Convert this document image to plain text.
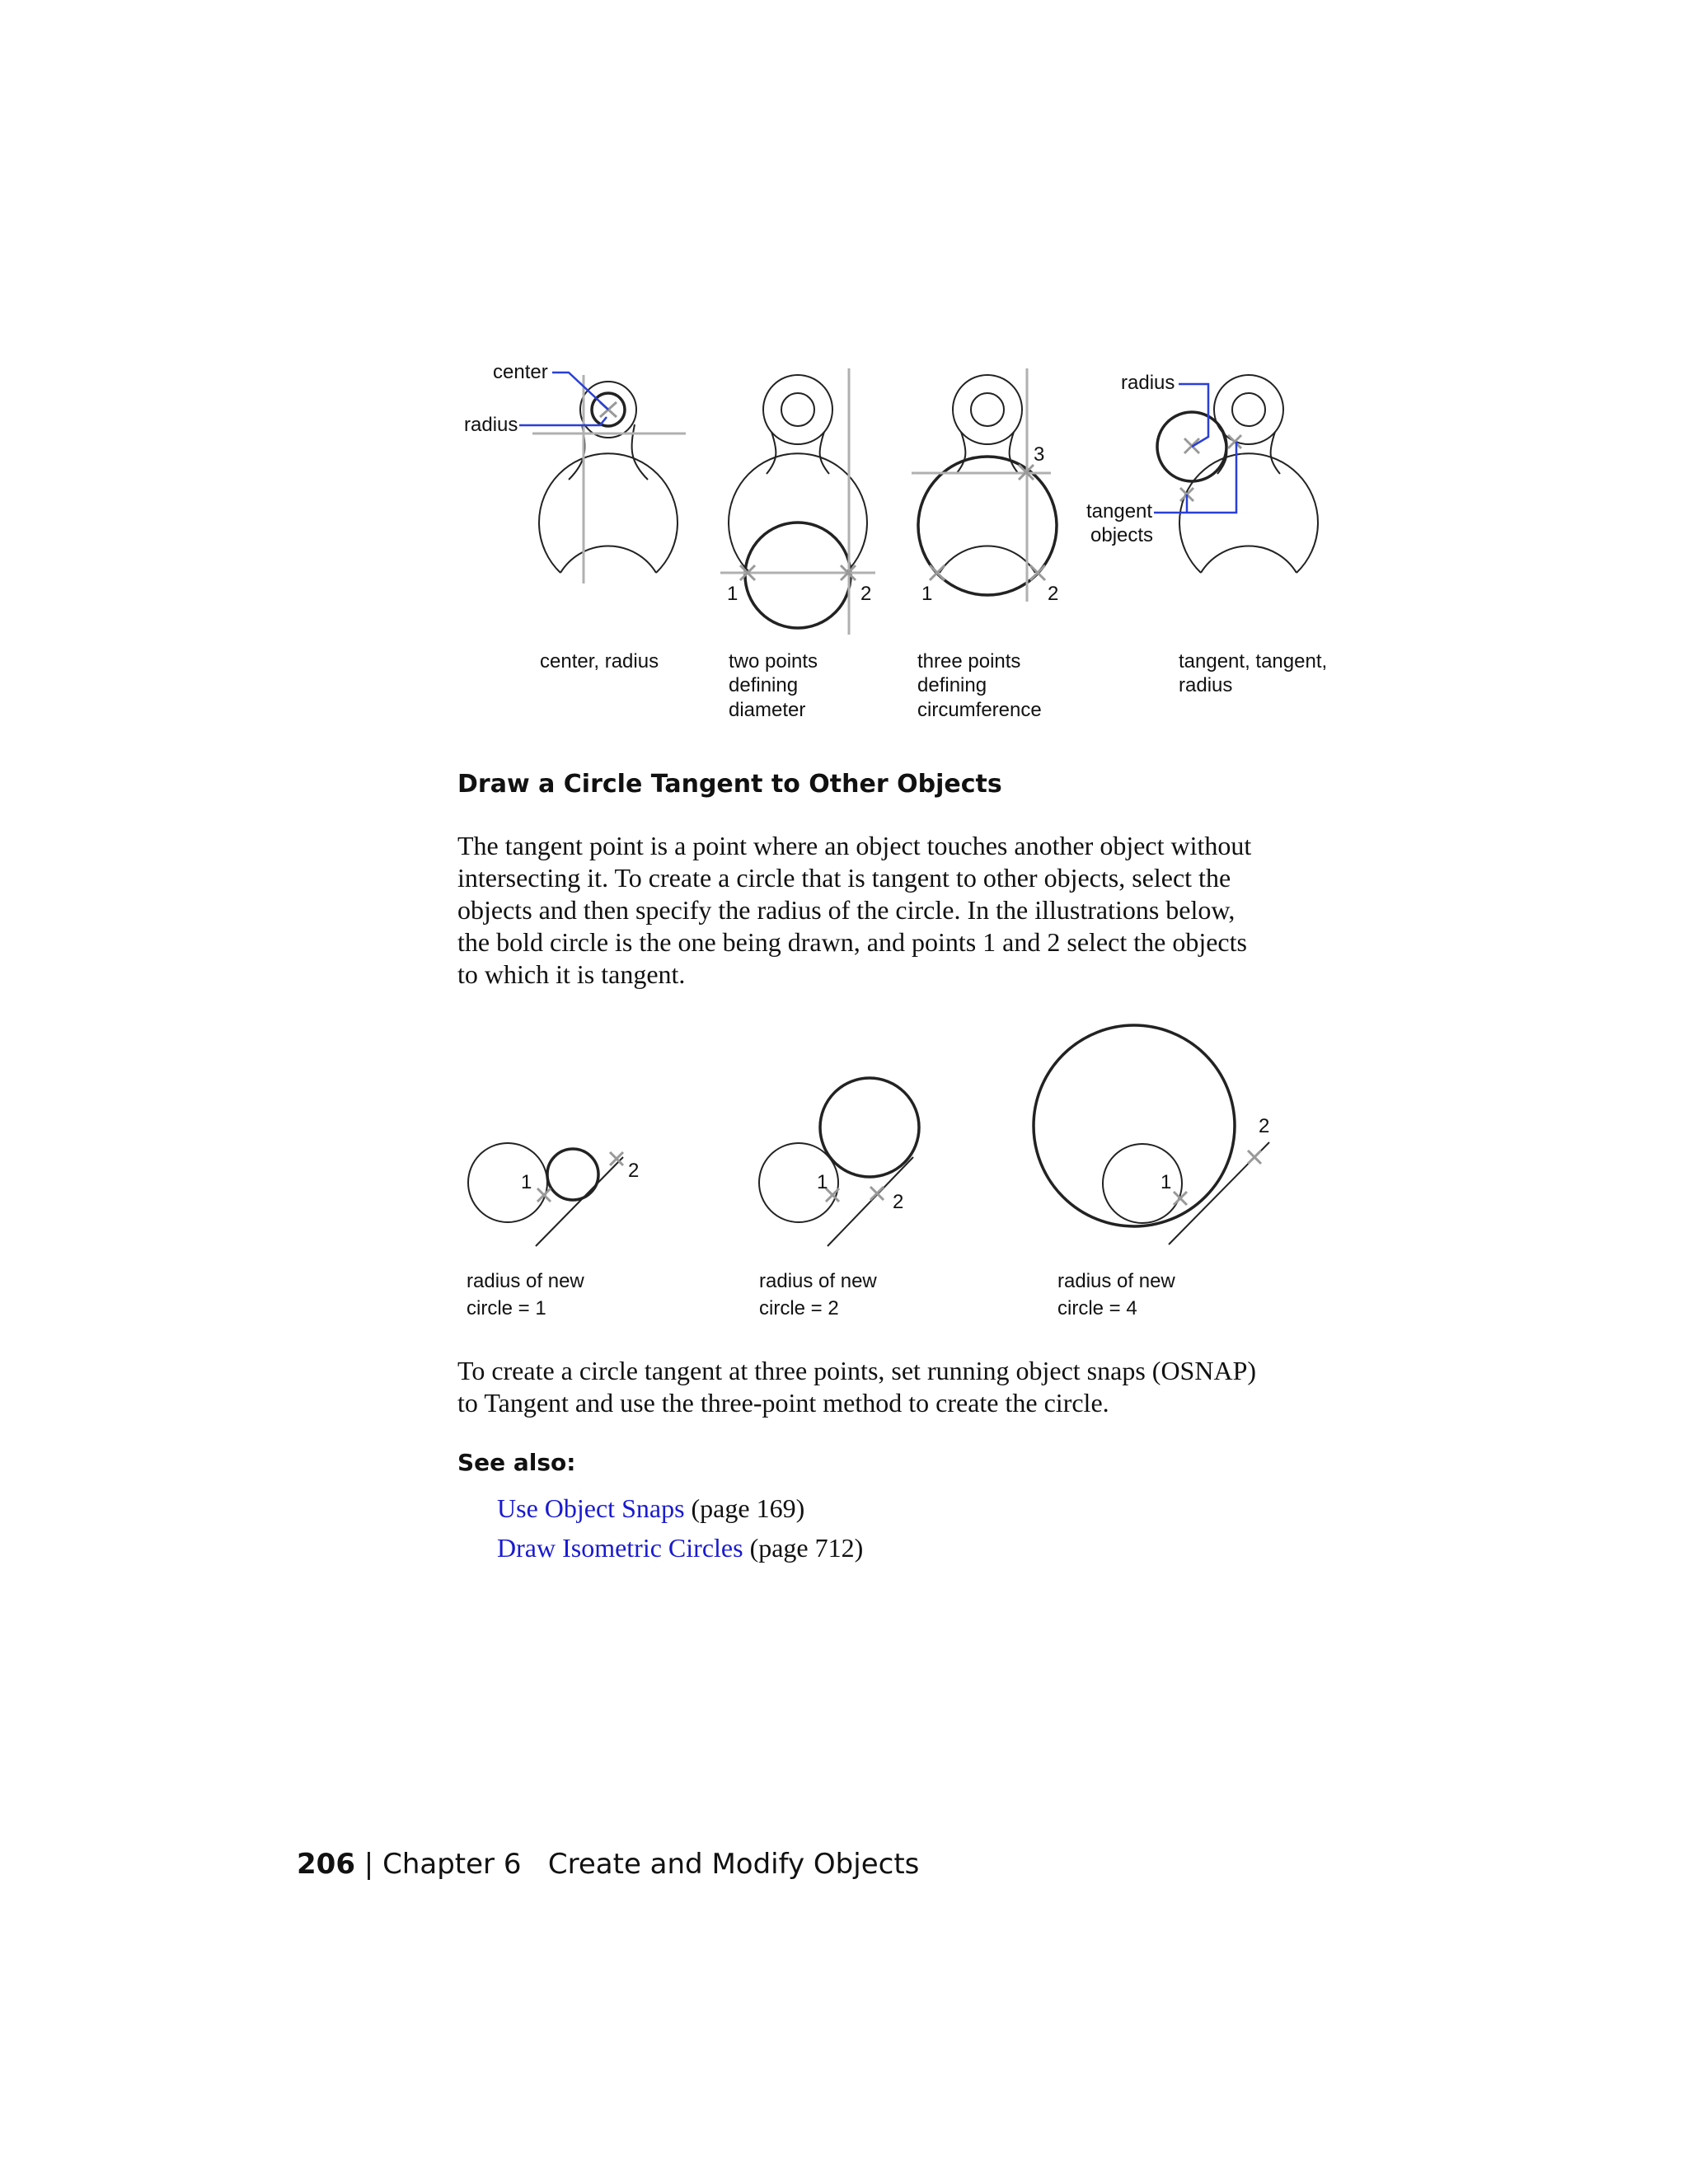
center
radius
radius
tangent
objects
1	2	1	2
3
center, radius	two points
defining
diameter
three points
defining
circumference
tangent, tangent,
radius
Draw a Circle Tangent to Other Objects
The tangent point is a point where an object touches another object without
intersecting it. To create a circle that is tangent to other objects, select the
objects and then specify the radius of the circle. In the illustrations below,
the bold circle is the one being drawn, and points 1 and 2 select the objects
to which it is tangent.
1
2
1
2
1
2
radius of new
circle = 1
radius of new
circle = 2
radius of new
circle = 4
To create a circle tangent at three points, set running object snaps (OSNAP)
to Tangent and use the three-point method to create the circle.
See also:
Use Object Snaps (page 169)
Draw Isometric Circles (page 712)
206 | Chapter 6 Create and Modify Objects
